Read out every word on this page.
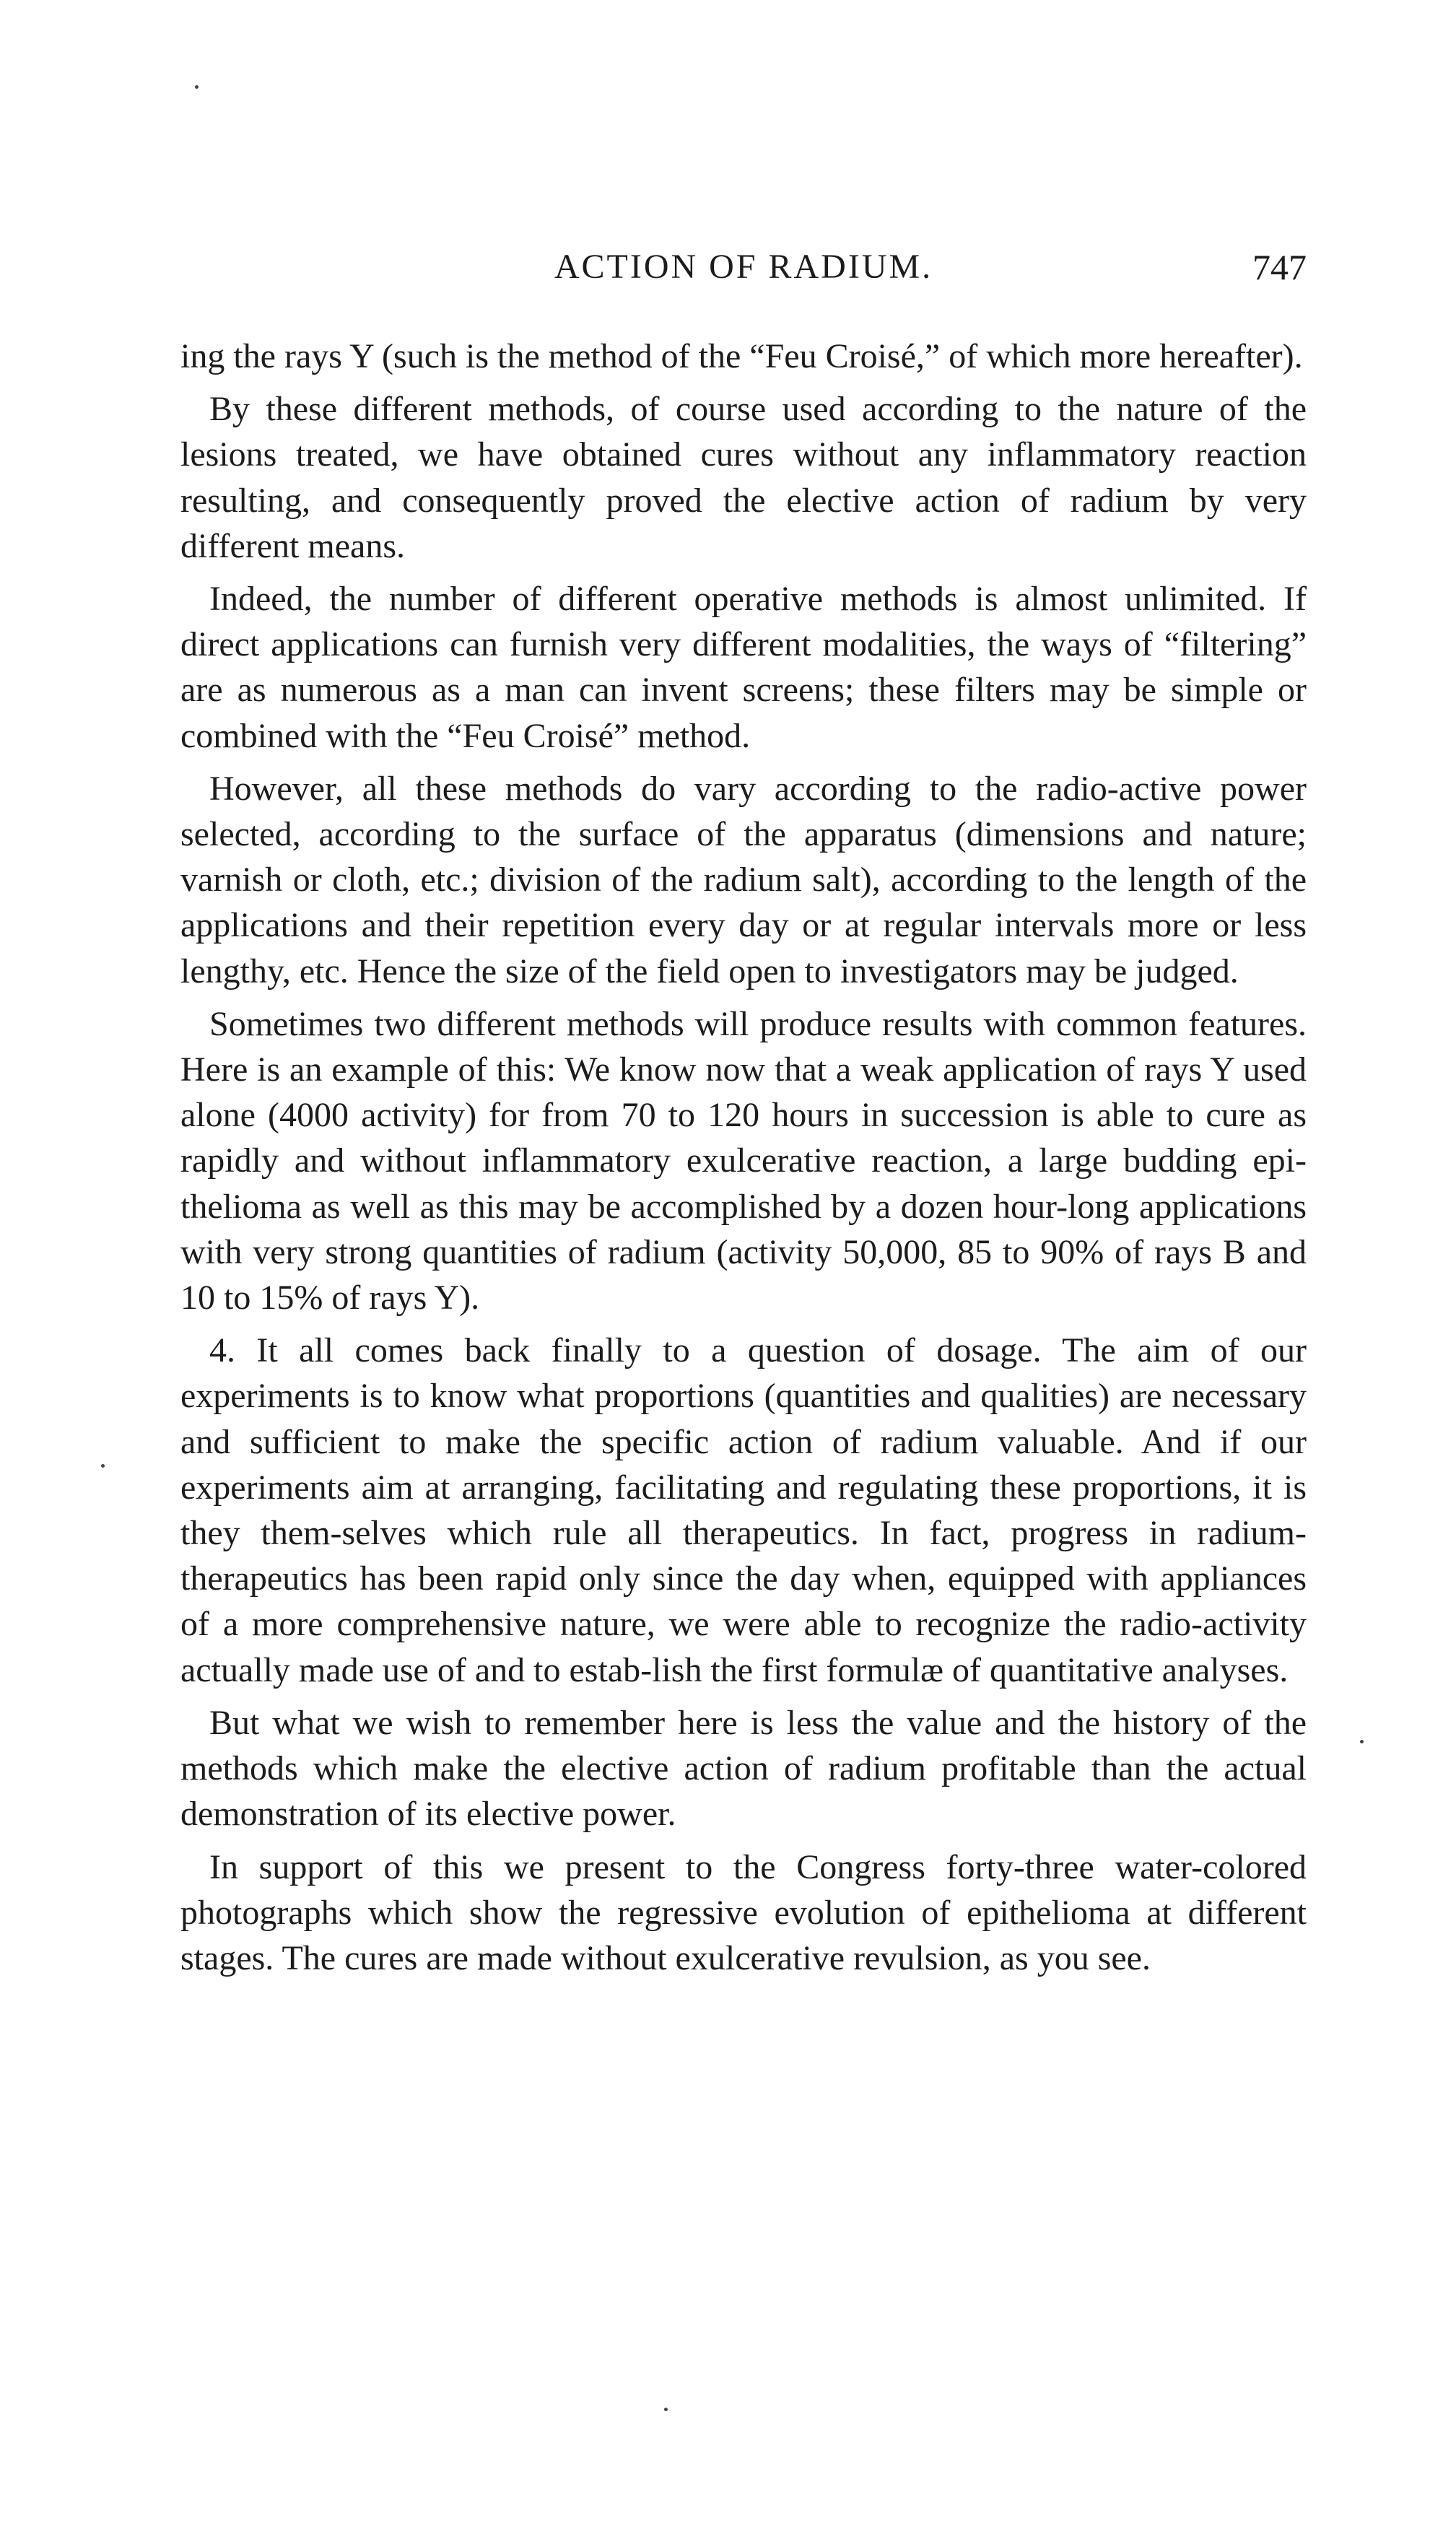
ACTION OF RADIUM.	747

ing the rays Y (such is the method of the “Feu Croisé,” of which more hereafter).

By these different methods, of course used according to the nature of the lesions treated, we have obtained cures without any inflammatory reaction resulting, and consequently proved the elective action of radium by very different means.

Indeed, the number of different operative methods is almost unlimited. If direct applications can furnish very different modalities, the ways of “filtering” are as numerous as a man can invent screens; these filters may be simple or combined with the “Feu Croisé” method.

However, all these methods do vary according to the radio-active power selected, according to the surface of the apparatus (dimensions and nature; varnish or cloth, etc.; division of the radium salt), according to the length of the applications and their repetition every day or at regular intervals more or less lengthy, etc. Hence the size of the field open to investigators may be judged.

Sometimes two different methods will produce results with common features. Here is an example of this: We know now that a weak application of rays Y used alone (4000 activity) for from 70 to 120 hours in succession is able to cure as rapidly and without inflammatory exulcerative reaction, a large budding epi-thelioma as well as this may be accomplished by a dozen hour-long applications with very strong quantities of radium (activity 50,000, 85 to 90% of rays B and 10 to 15% of rays Y).

4. It all comes back finally to a question of dosage. The aim of our experiments is to know what proportions (quantities and qualities) are necessary and sufficient to make the specific action of radium valuable. And if our experiments aim at arranging, facilitating and regulating these proportions, it is they them-selves which rule all therapeutics. In fact, progress in radium-therapeutics has been rapid only since the day when, equipped with appliances of a more comprehensive nature, we were able to recognize the radio-activity actually made use of and to estab-lish the first formulæ of quantitative analyses.

But what we wish to remember here is less the value and the history of the methods which make the elective action of radium profitable than the actual demonstration of its elective power.

In support of this we present to the Congress forty-three water-colored photographs which show the regressive evolution of epithelioma at different stages. The cures are made without exulcerative revulsion, as you see.
